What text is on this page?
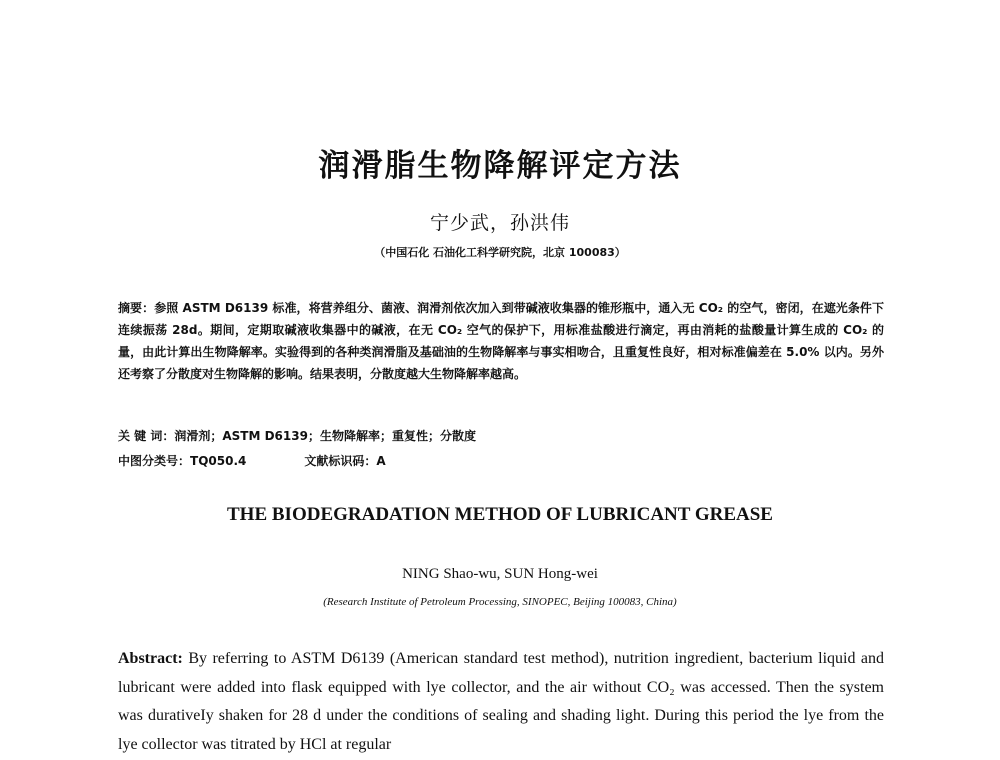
润滑脂生物降解评定方法
宁少武，孙洪伟
（中国石化 石油化工科学研究院，北京 100083）
摘要：参照 ASTM D6139 标准，将营养组分、菌液、润滑剂依次加入到带碱液收集器的锥形瓶中，通入无 CO₂ 的空气，密闭，在遮光条件下连续振荡 28d。期间，定期取碱液收集器中的碱液，在无 CO₂ 空气的保护下，用标准盐酸进行滴定，再由消耗的盐酸量计算生成的 CO₂ 的量，由此计算出生物降解率。实验得到的各种类润滑脂及基础油的生物降解率与事实相吻合，且重复性良好，相对标准偏差在 5.0% 以内。另外还考察了分散度对生物降解的影响。结果表明，分散度越大生物降解率越高。
关 键 词：润滑剂；ASTM D6139；生物降解率；重复性；分散度
中图分类号：TQ050.4	文献标识码：A
THE BIODEGRADATION METHOD OF LUBRICANT GREASE
NING Shao-wu, SUN Hong-wei
(Research Institute of Petroleum Processing, SINOPEC, Beijing 100083, China)
Abstract: By referring to ASTM D6139 (American standard test method), nutrition ingredient, bacterium liquid and lubricant were added into flask equipped with lye collector, and the air without CO₂ was accessed. Then the system was durativeIy shaken for 28 d under the conditions of sealing and shading light. During this period the lye from the lye collector was titrated by HCl at regular
